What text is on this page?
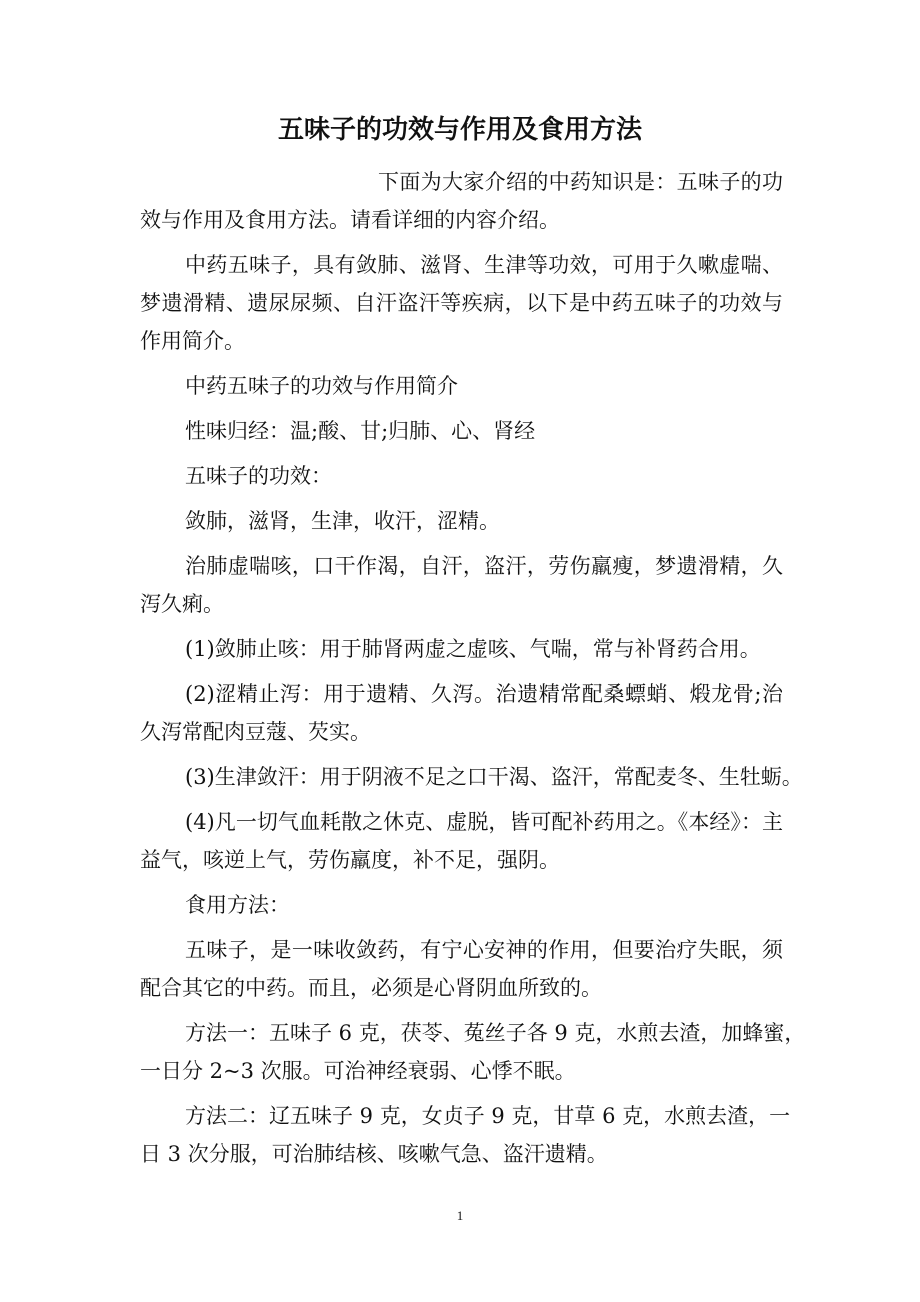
五味子的功效与作用及食用方法
下面为大家介绍的中药知识是：五味子的功
效与作用及食用方法。请看详细的内容介绍。
中药五味子，具有敛肺、滋肾、生津等功效，可用于久嗽虚喘、
梦遗滑精、遗尿尿频、自汗盗汗等疾病，以下是中药五味子的功效与
作用简介。
中药五味子的功效与作用简介
性味归经：温;酸、甘;归肺、心、肾经
五味子的功效：
敛肺，滋肾，生津，收汗，涩精。
治肺虚喘咳，口干作渴，自汗，盗汗，劳伤羸瘦，梦遗滑精，久
泻久痢。
(1)敛肺止咳：用于肺肾两虚之虚咳、气喘，常与补肾药合用。
(2)涩精止泻：用于遗精、久泻。治遗精常配桑螵蛸、煅龙骨;治
久泻常配肉豆蔻、芡实。
(3)生津敛汗：用于阴液不足之口干渴、盗汗，常配麦冬、生牡蛎。
(4)凡一切气血耗散之休克、虚脱，皆可配补药用之。《本经》：主
益气，咳逆上气，劳伤羸度，补不足，强阴。
食用方法：
五味子，是一味收敛药，有宁心安神的作用，但要治疗失眠，须
配合其它的中药。而且，必须是心肾阴血所致的。
方法一：五味子 6 克，茯苓、菟丝子各 9 克，水煎去渣，加蜂蜜，
一日分 2~3 次服。可治神经衰弱、心悸不眠。
方法二：辽五味子 9 克，女贞子 9 克，甘草 6 克，水煎去渣，一
日 3 次分服，可治肺结核、咳嗽气急、盗汗遗精。
1
